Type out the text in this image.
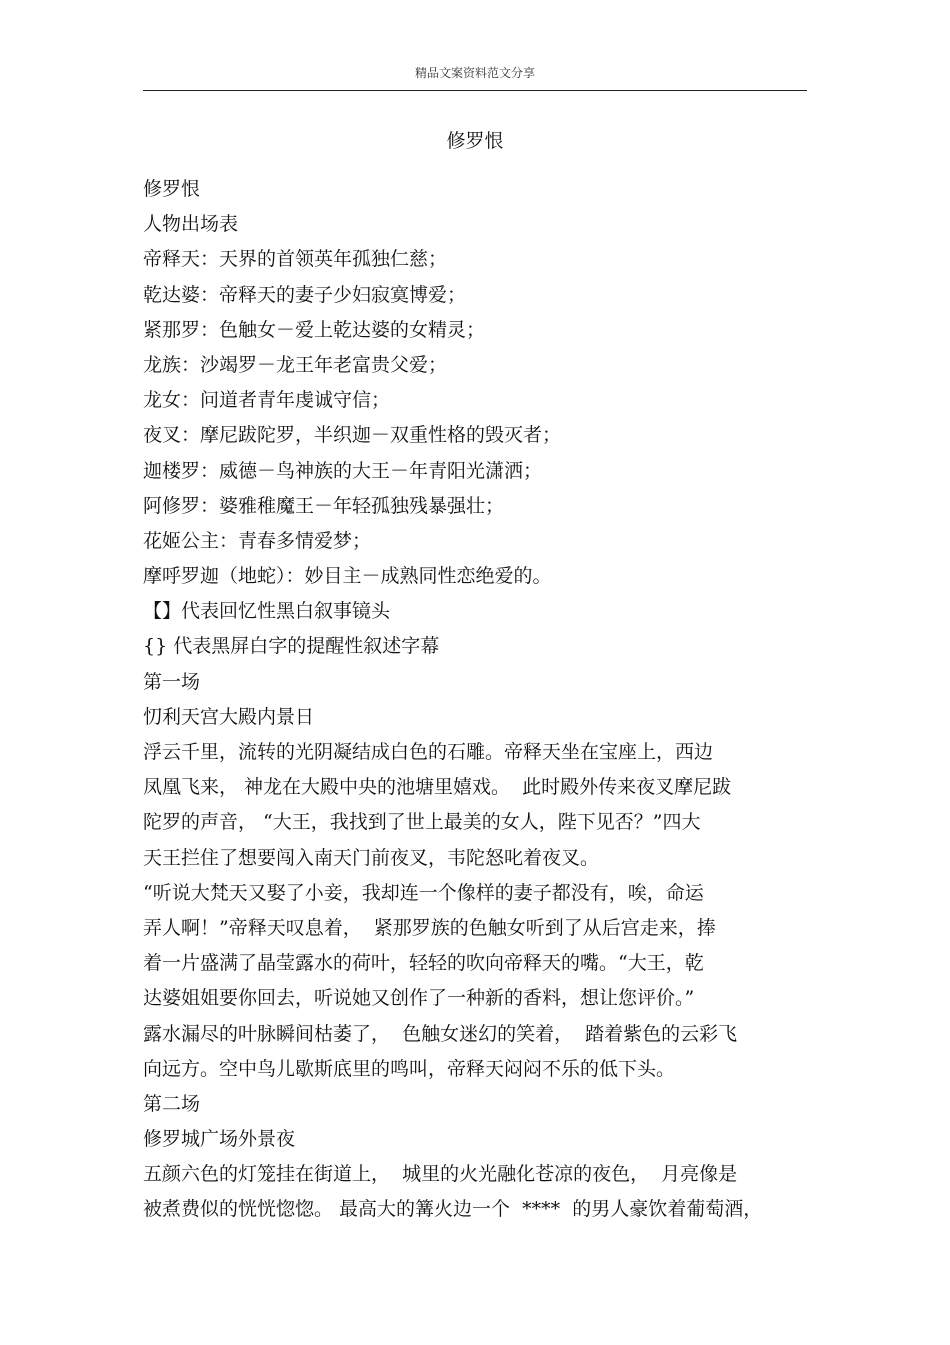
精品文案资料范文分享
修罗恨
修罗恨
人物出场表
帝释天：天界的首领英年孤独仁慈；
乾达婆：帝释天的妻子少妇寂寞博爱；
紧那罗：色触女－爱上乾达婆的女精灵；
龙族：沙竭罗－龙王年老富贵父爱；
龙女：问道者青年虔诚守信；
夜叉：摩尼跋陀罗，半织迦－双重性格的毁灭者；
迦楼罗：威德－鸟神族的大王－年青阳光潇洒；
阿修罗：婆雅稚魔王－年轻孤独残暴强壮；
花姬公主：青春多情爱梦；
摩呼罗迦（地蛇）：妙目主－成熟同性恋绝爱的。
【】代表回忆性黑白叙事镜头
{} 代表黑屏白字的提醒性叙述字幕
第一场
忉利天宫大殿内景日
浮云千里，流转的光阴凝结成白色的石雕。帝释天坐在宝座上，西边
凤凰飞来， 神龙在大殿中央的池塘里嬉戏。  此时殿外传来夜叉摩尼跋
陀罗的声音， “大王，我找到了世上最美的女人，陛下见否？”四大
天王拦住了想要闯入南天门前夜叉，韦陀怒叱着夜叉。
“听说大梵天又娶了小妾，我却连一个像样的妻子都没有，唉，命运
弄人啊！”帝释天叹息着，  紧那罗族的色触女听到了从后宫走来，捧
着一片盛满了晶莹露水的荷叶，轻轻的吹向帝释天的嘴。“大王，乾
达婆姐姐要你回去，听说她又创作了一种新的香料，想让您评价。”
露水漏尽的叶脉瞬间枯萎了，  色触女迷幻的笑着，  踏着紫色的云彩飞
向远方。空中鸟儿歇斯底里的鸣叫，帝释天闷闷不乐的低下头。
第二场
修罗城广场外景夜
五颜六色的灯笼挂在街道上，  城里的火光融化苍凉的夜色，  月亮像是
被煮费似的恍恍惚惚。 最高大的篝火边一个  ****  的男人豪饮着葡萄酒，
